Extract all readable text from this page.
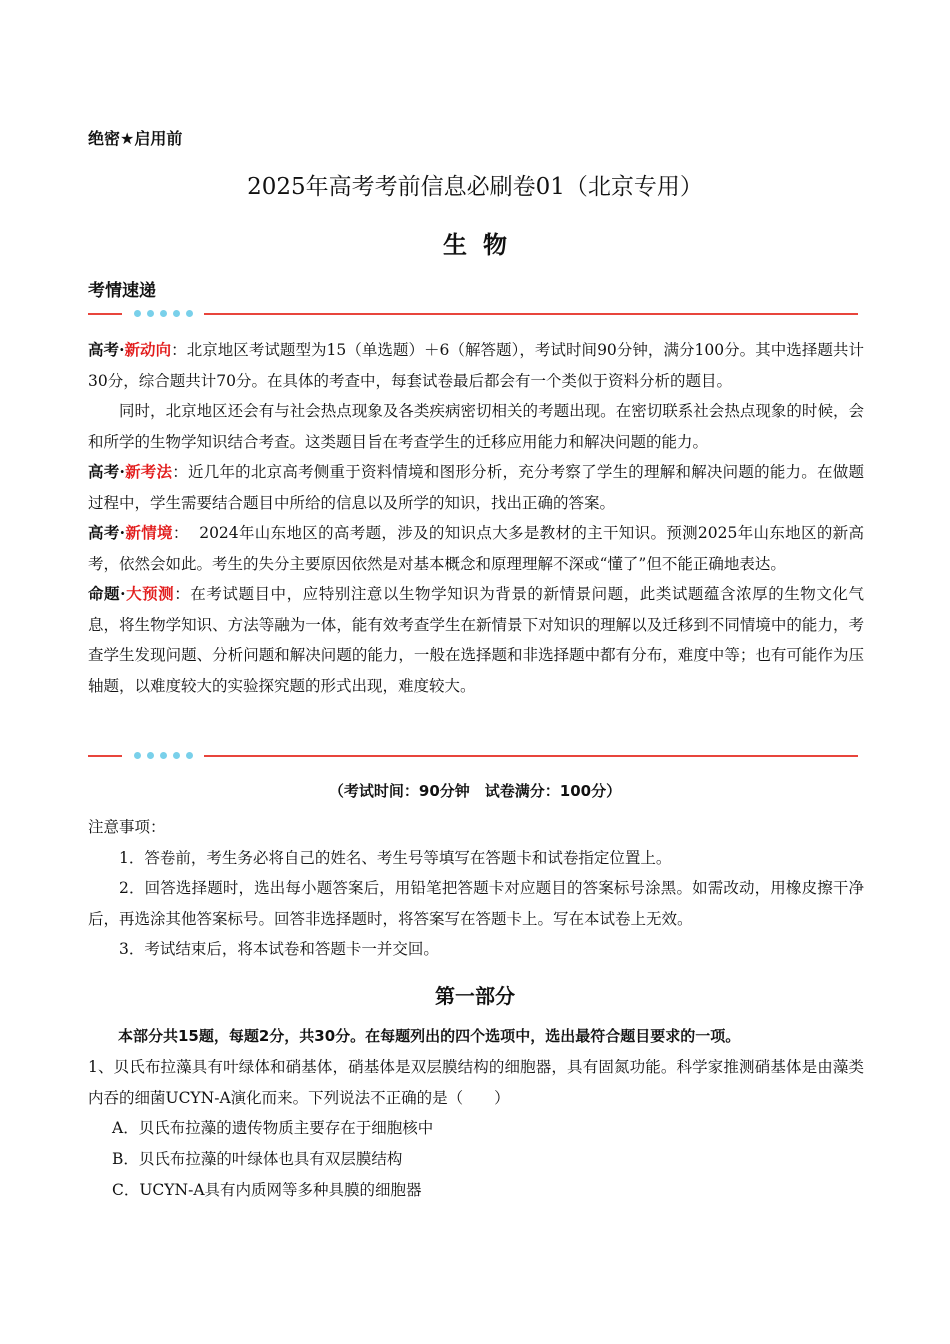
绝密★启用前
2025年高考考前信息必刷卷01（北京专用）
生物
考情速递

高考·新动向：北京地区考试题型为15（单选题）＋6（解答题），考试时间90分钟，满分100分。其中选择题共计30分，综合题共计70分。在具体的考查中，每套试卷最后都会有一个类似于资料分析的题目。

同时，北京地区还会有与社会热点现象及各类疾病密切相关的考题出现。在密切联系社会热点现象的时候，会和所学的生物学知识结合考查。这类题目旨在考查学生的迁移应用能力和解决问题的能力。

高考·新考法：近几年的北京高考侧重于资料情境和图形分析，充分考察了学生的理解和解决问题的能力。在做题过程中，学生需要结合题目中所给的信息以及所学的知识，找出正确的答案。

高考·新情境：  2024年山东地区的高考题，涉及的知识点大多是教材的主干知识。预测2025年山东地区的新高考，依然会如此。考生的失分主要原因依然是对基本概念和原理理解不深或“懂了”但不能正确地表达。

命题·大预测：在考试题目中，应特别注意以生物学知识为背景的新情景问题，此类试题蕴含浓厚的生物文化气息，将生物学知识、方法等融为一体，能有效考查学生在新情景下对知识的理解以及迁移到不同情境中的能力，考查学生发现问题、分析问题和解决问题的能力，一般在选择题和非选择题中都有分布，难度中等；也有可能作为压轴题，以难度较大的实验探究题的形式出现，难度较大。

（考试时间：90分钟　试卷满分：100分）

注意事项：

1．答卷前，考生务必将自己的姓名、考生号等填写在答题卡和试卷指定位置上。

2．回答选择题时，选出每小题答案后，用铅笔把答题卡对应题目的答案标号涂黑。如需改动，用橡皮擦干净后，再选涂其他答案标号。回答非选择题时，将答案写在答题卡上。写在本试卷上无效。

3．考试结束后，将本试卷和答题卡一并交回。

第一部分
本部分共15题，每题2分，共30分。在每题列出的四个选项中，选出最符合题目要求的一项。
1、贝氏布拉藻具有叶绿体和硝基体，硝基体是双层膜结构的细胞器，具有固氮功能。科学家推测硝基体是由藻类内吞的细菌UCYN-A演化而来。下列说法不正确的是（　　）
A．贝氏布拉藻的遗传物质主要存在于细胞核中
B．贝氏布拉藻的叶绿体也具有双层膜结构
C．UCYN-A具有内质网等多种具膜的细胞器
